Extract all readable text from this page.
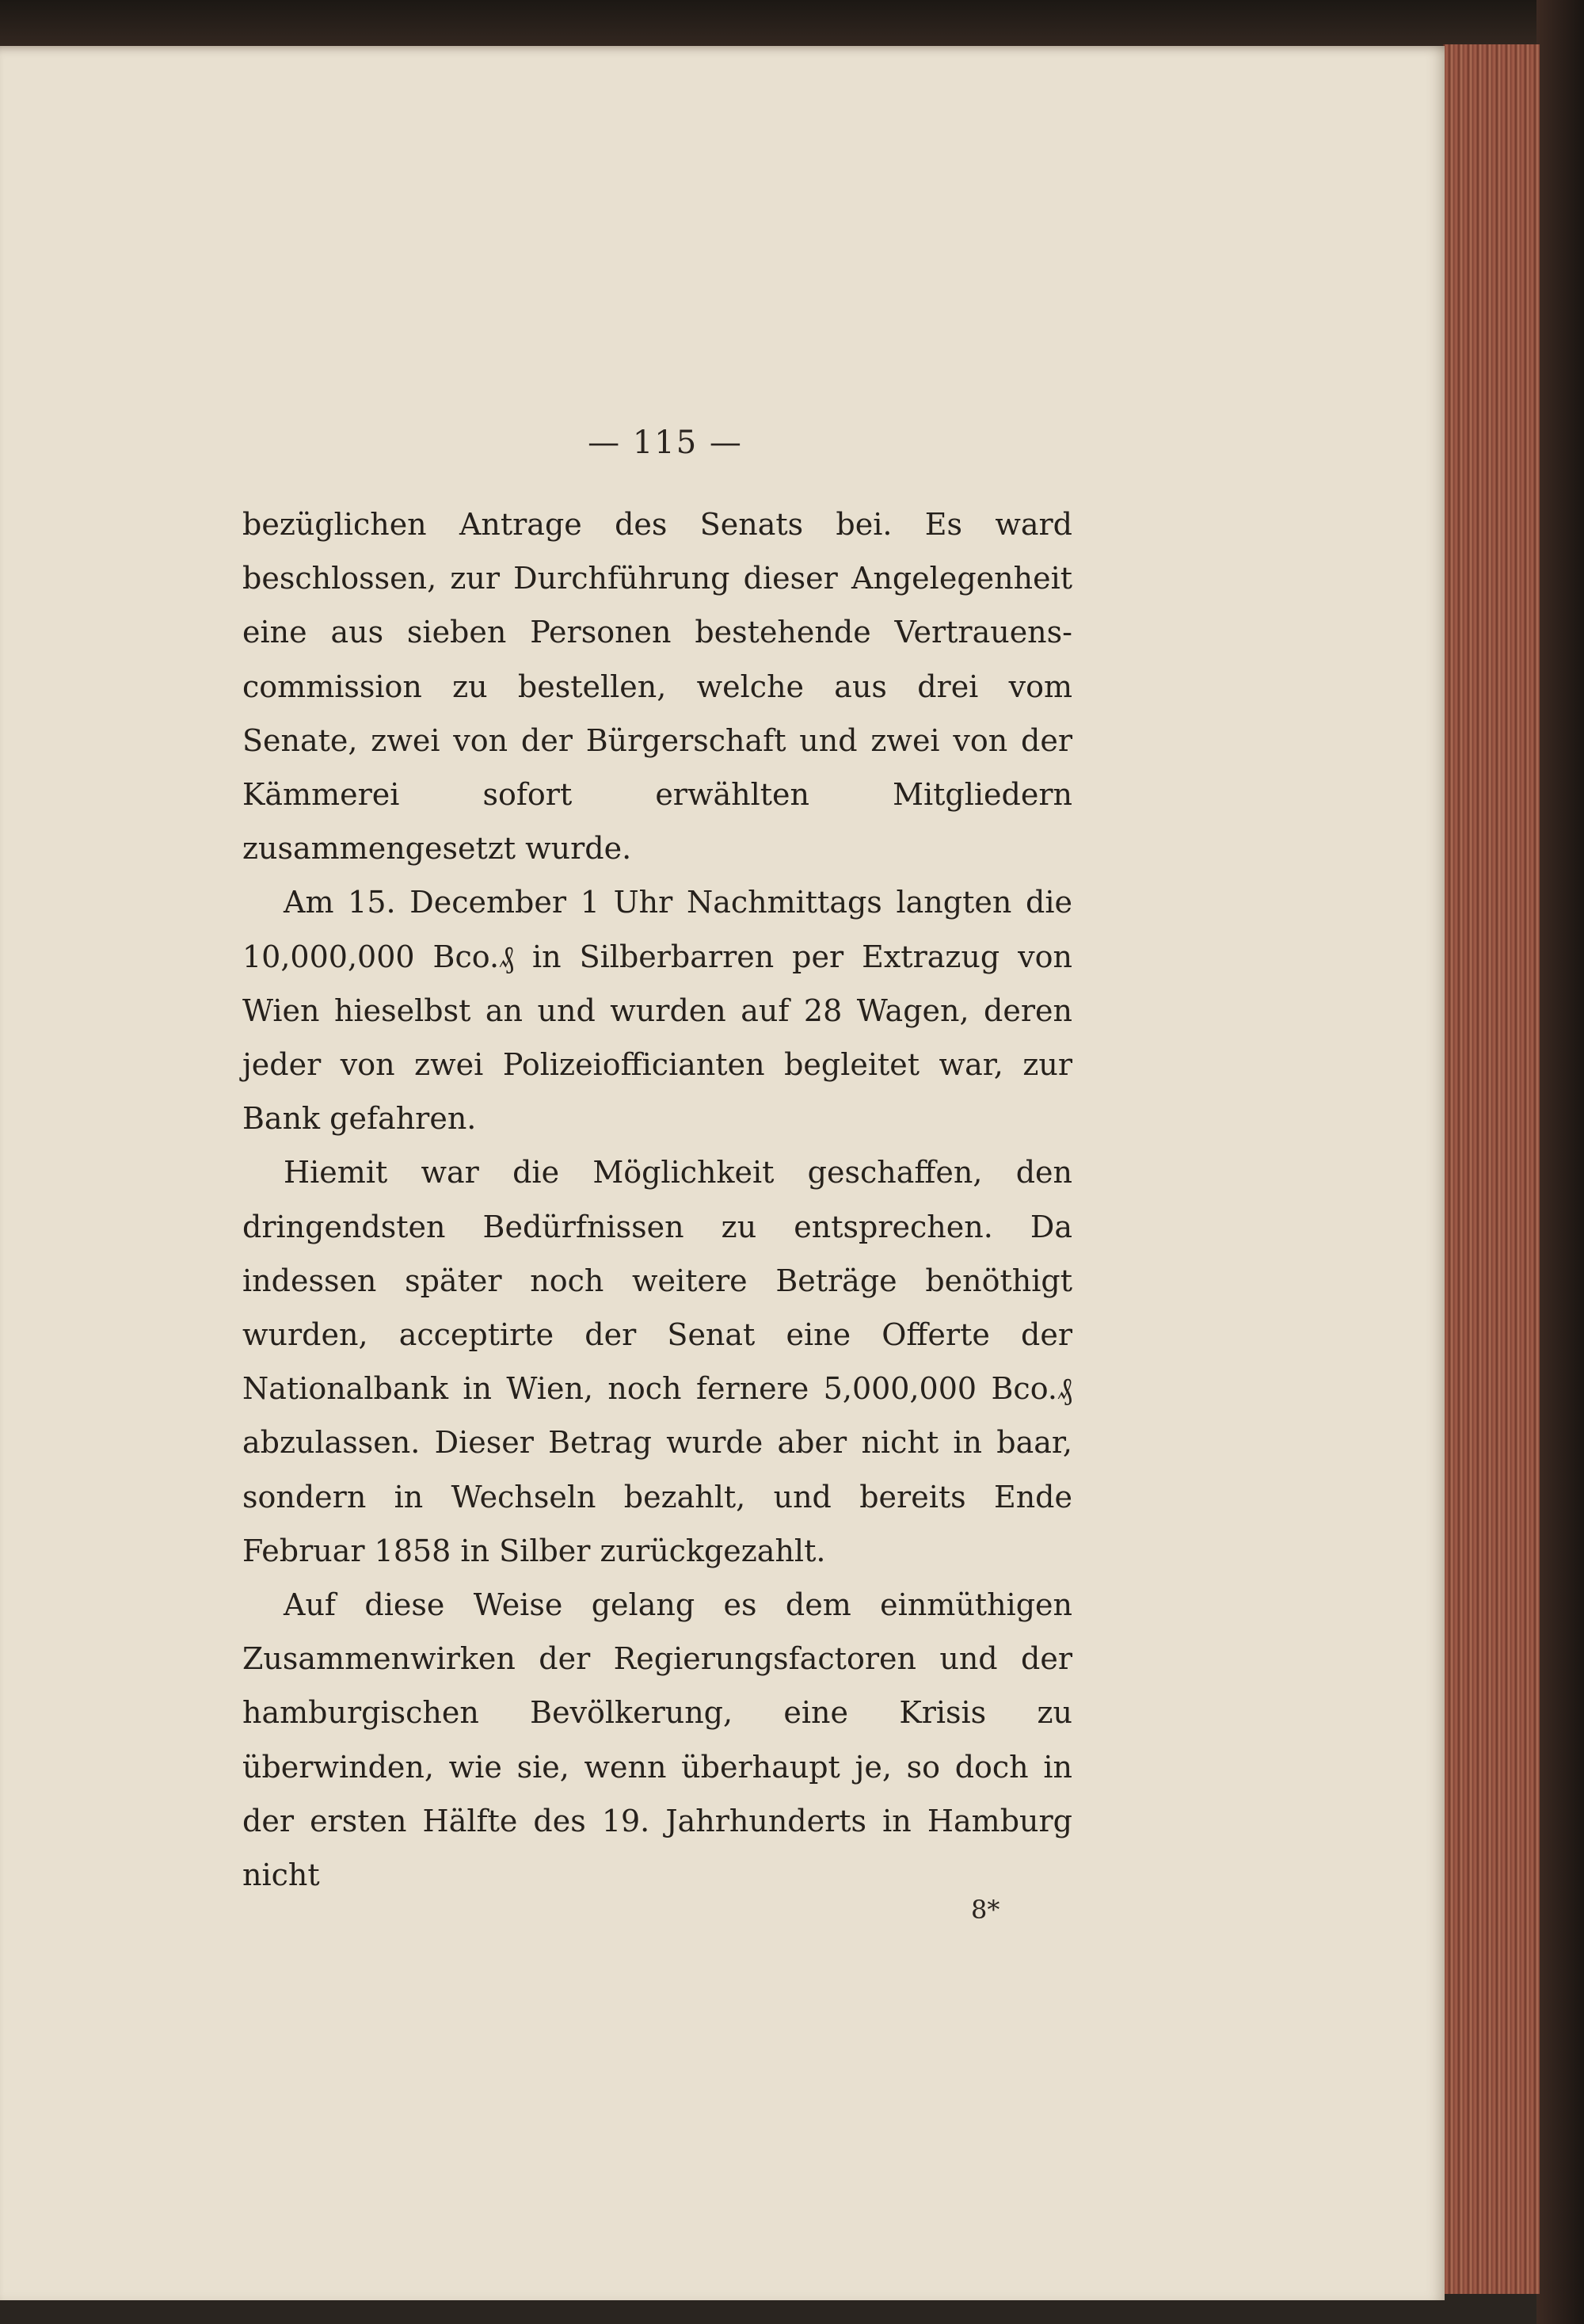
— 115 —

bezüglichen Antrage des Senats bei. Es ward beschlossen, zur Durchführung dieser Angelegenheit eine aus sieben Personen bestehende Vertrauens-commission zu bestellen, welche aus drei vom Senate, zwei von der Bürgerschaft und zwei von der Kämmerei sofort erwählten Mitgliedern zusammengesetzt wurde.

Am 15. December 1 Uhr Nachmittags langten die 10,000,000 Bco.₰ in Silberbarren per Extrazug von Wien hieselbst an und wurden auf 28 Wagen, deren jeder von zwei Polizeiofficianten begleitet war, zur Bank gefahren.

Hiemit war die Möglichkeit geschaffen, den dringendsten Bedürfnissen zu entsprechen. Da indessen später noch weitere Beträge benöthigt wurden, acceptirte der Senat eine Offerte der Nationalbank in Wien, noch fernere 5,000,000 Bco.₰ abzulassen. Dieser Betrag wurde aber nicht in baar, sondern in Wechseln bezahlt, und bereits Ende Februar 1858 in Silber zurückgezahlt.

Auf diese Weise gelang es dem einmüthigen Zusammenwirken der Regierungsfactoren und der hamburgischen Bevölkerung, eine Krisis zu überwinden, wie sie, wenn überhaupt je, so doch in der ersten Hälfte des 19. Jahrhunderts in Hamburg nicht

8*
